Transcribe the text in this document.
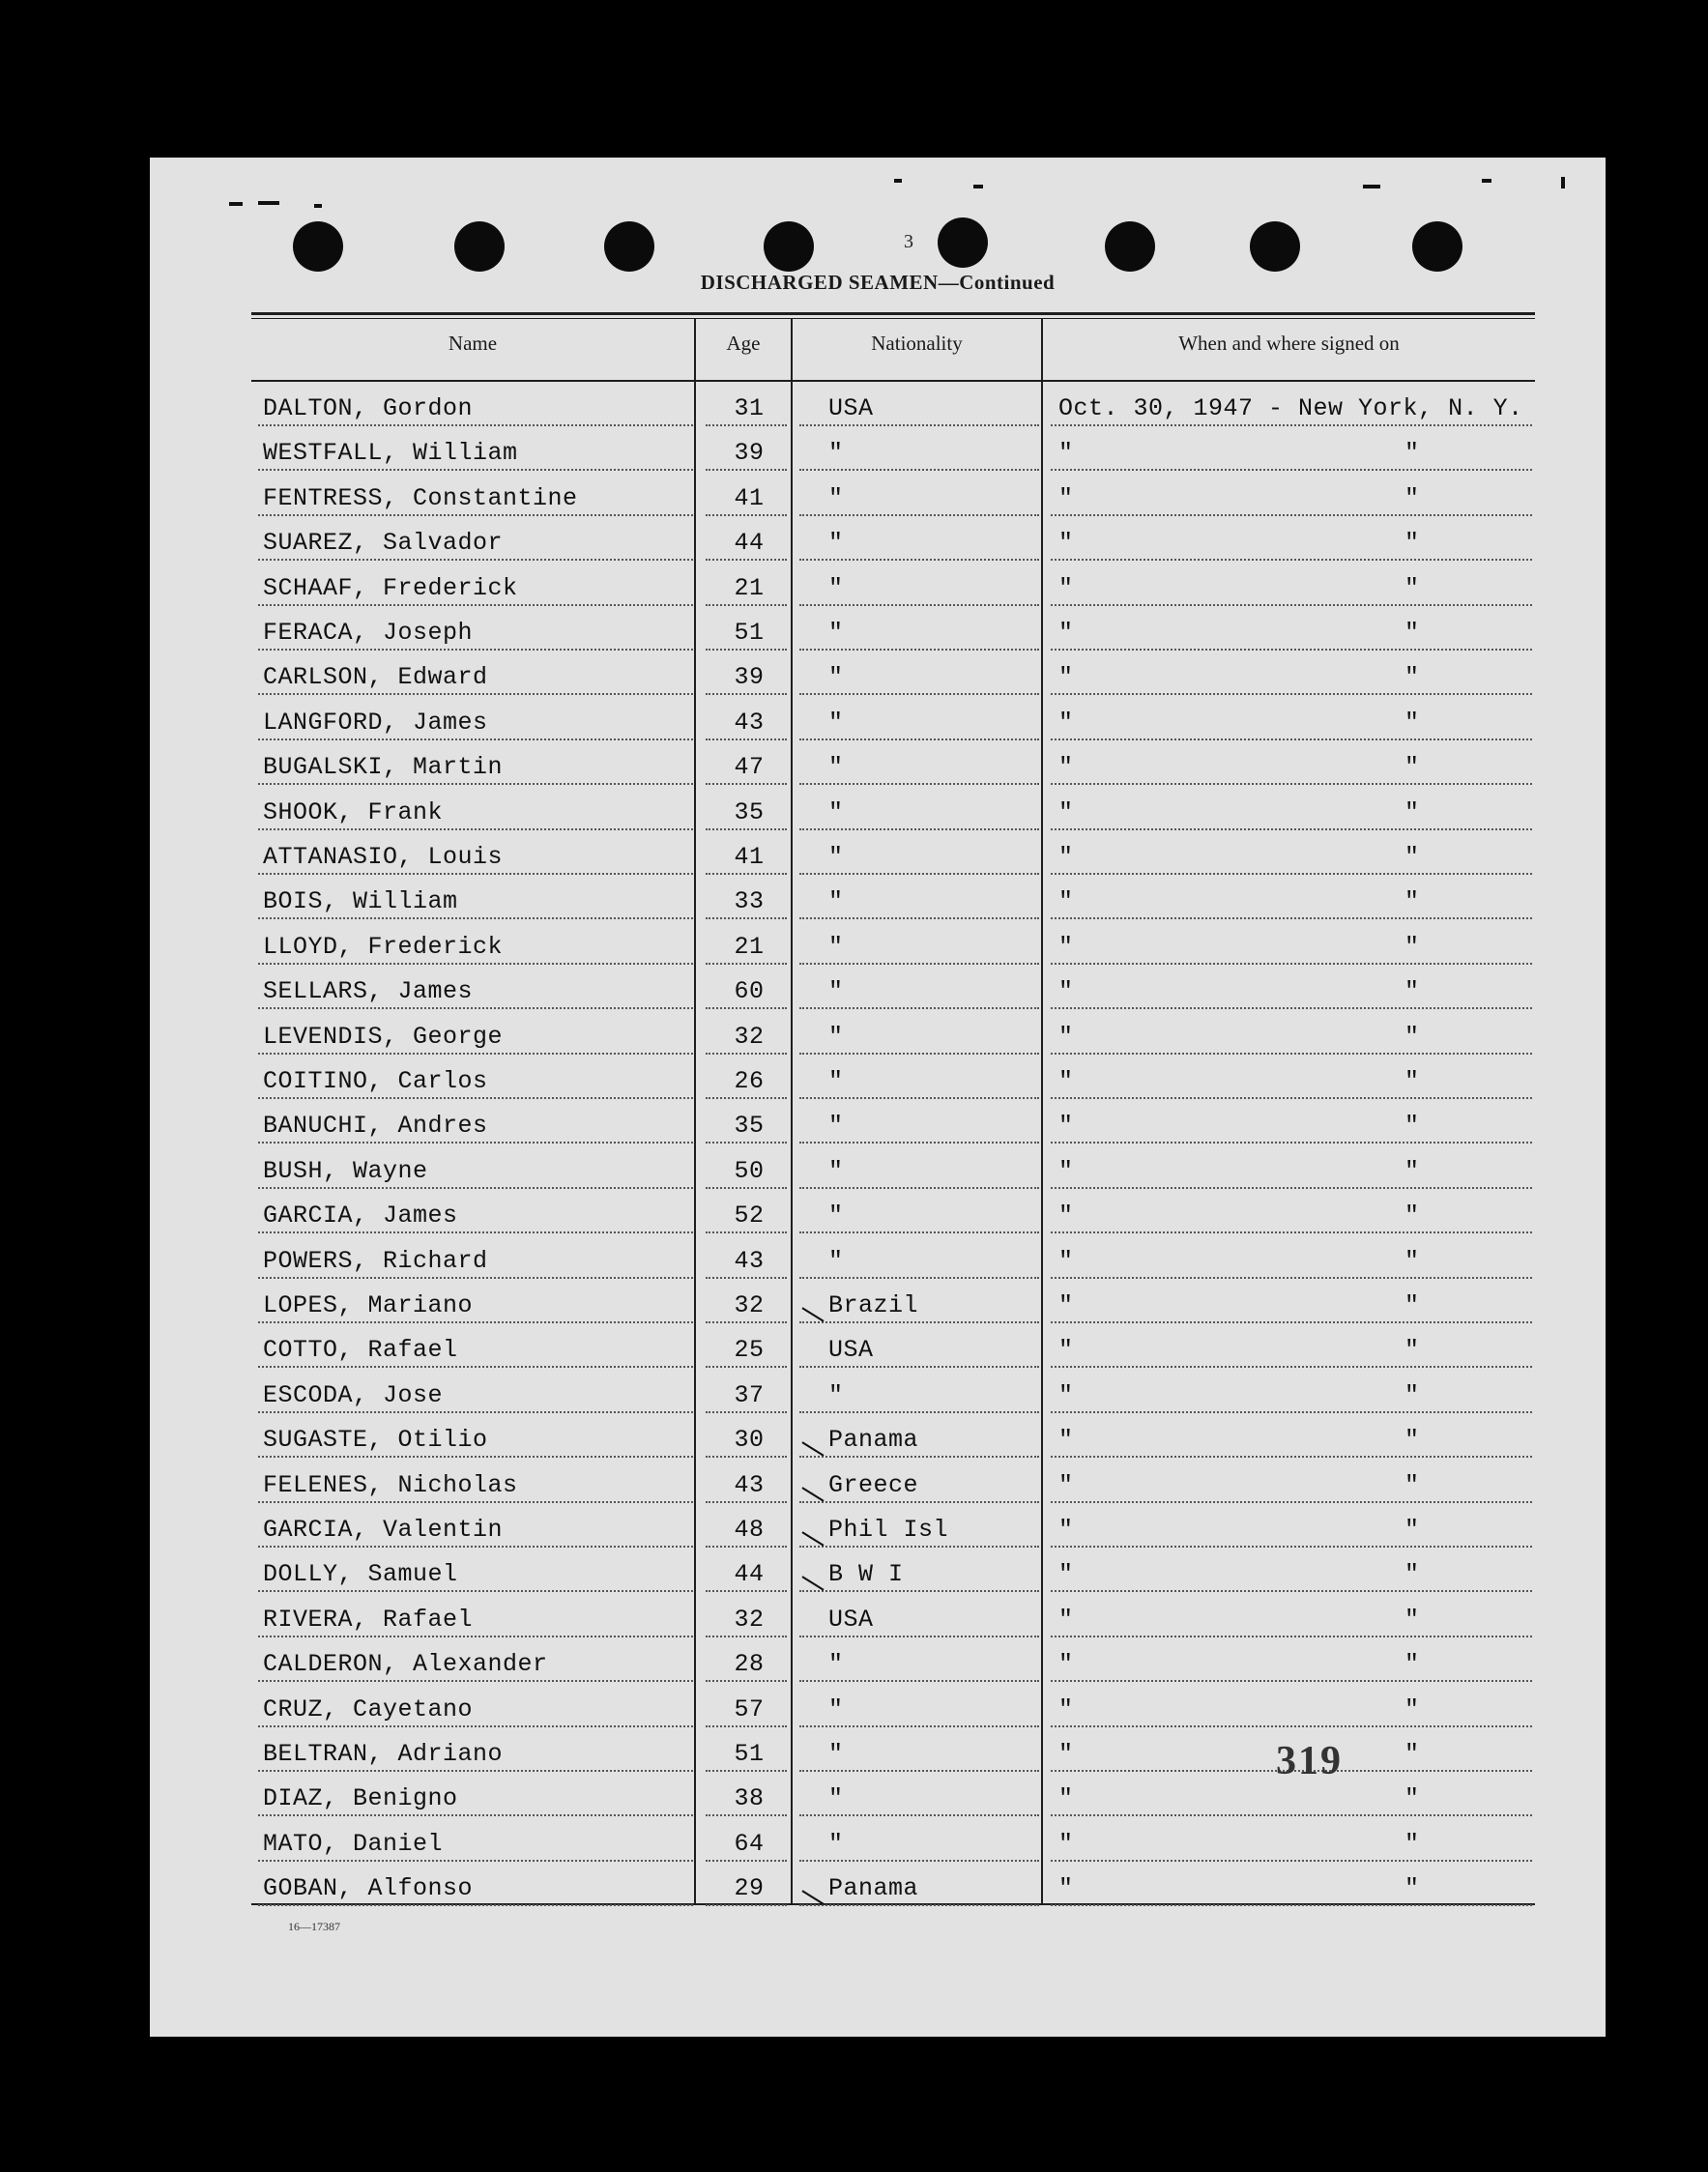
3
DISCHARGED SEAMEN—Continued
Name	Age	Nationality	When and where signed on
DALTON, Gordon	31	USA	Oct. 30, 1947 - New York, N. Y.
WESTFALL, William	39	"	"	"
FENTRESS, Constantine	41	"	"	"
SUAREZ, Salvador	44	"	"	"
SCHAAF, Frederick	21	"	"	"
FERACA, Joseph	51	"	"	"
CARLSON, Edward	39	"	"	"
LANGFORD, James	43	"	"	"
BUGALSKI, Martin	47	"	"	"
SHOOK, Frank	35	"	"	"
ATTANASIO, Louis	41	"	"	"
BOIS, William	33	"	"	"
LLOYD, Frederick	21	"	"	"
SELLARS, James	60	"	"	"
LEVENDIS, George	32	"	"	"
COITINO, Carlos	26	"	"	"
BANUCHI, Andres	35	"	"	"
BUSH, Wayne	50	"	"	"
GARCIA, James	52	"	"	"
POWERS, Richard	43	"	"	"
LOPES, Mariano	32	Brazil	"	"
COTTO, Rafael	25	USA	"	"
ESCODA, Jose	37	"	"	"
SUGASTE, Otilio	30	Panama	"	"
FELENES, Nicholas	43	Greece	"	"
GARCIA, Valentin	48	Phil Isl	"	"
DOLLY, Samuel	44	B W I	"	"
RIVERA, Rafael	32	USA	"	"
CALDERON, Alexander	28	"	"	"
CRUZ, Cayetano	57	"	"	"
BELTRAN, Adriano	51	"	"	"
DIAZ, Benigno	38	"	"	"
MATO, Daniel	64	"	"	"
GOBAN, Alfonso	29	Panama	"	"
319
16—17387
